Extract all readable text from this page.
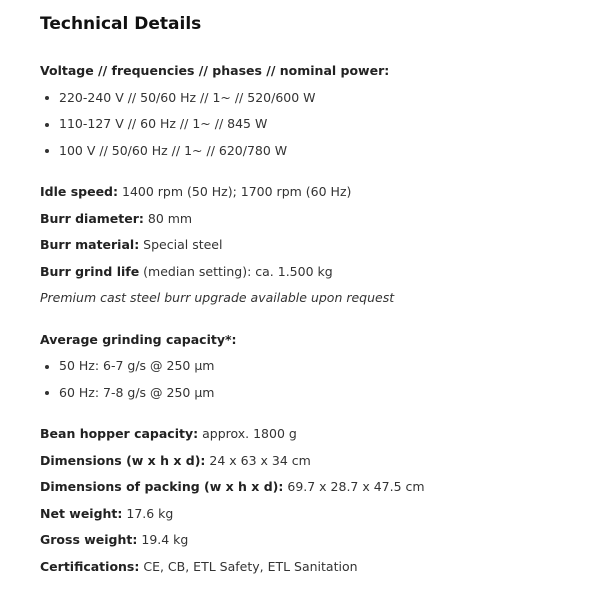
Technical Details
Voltage // frequencies // phases // nominal power:
220-240 V // 50/60 Hz // 1~ // 520/600 W
110-127 V // 60 Hz // 1~ // 845 W
100 V // 50/60 Hz // 1~ // 620/780 W
Idle speed: 1400 rpm (50 Hz); 1700 rpm (60 Hz)
Burr diameter: 80 mm
Burr material: Special steel
Burr grind life (median setting): ca. 1.500 kg
Premium cast steel burr upgrade available upon request
Average grinding capacity*:
50 Hz: 6-7 g/s @ 250 µm
60 Hz: 7-8 g/s @ 250 µm
Bean hopper capacity: approx. 1800 g
Dimensions (w x h x d): 24 x 63 x 34 cm
Dimensions of packing (w x h x d): 69.7 x 28.7 x 47.5 cm
Net weight: 17.6 kg
Gross weight: 19.4 kg
Certifications: CE, CB, ETL Safety, ETL Sanitation
